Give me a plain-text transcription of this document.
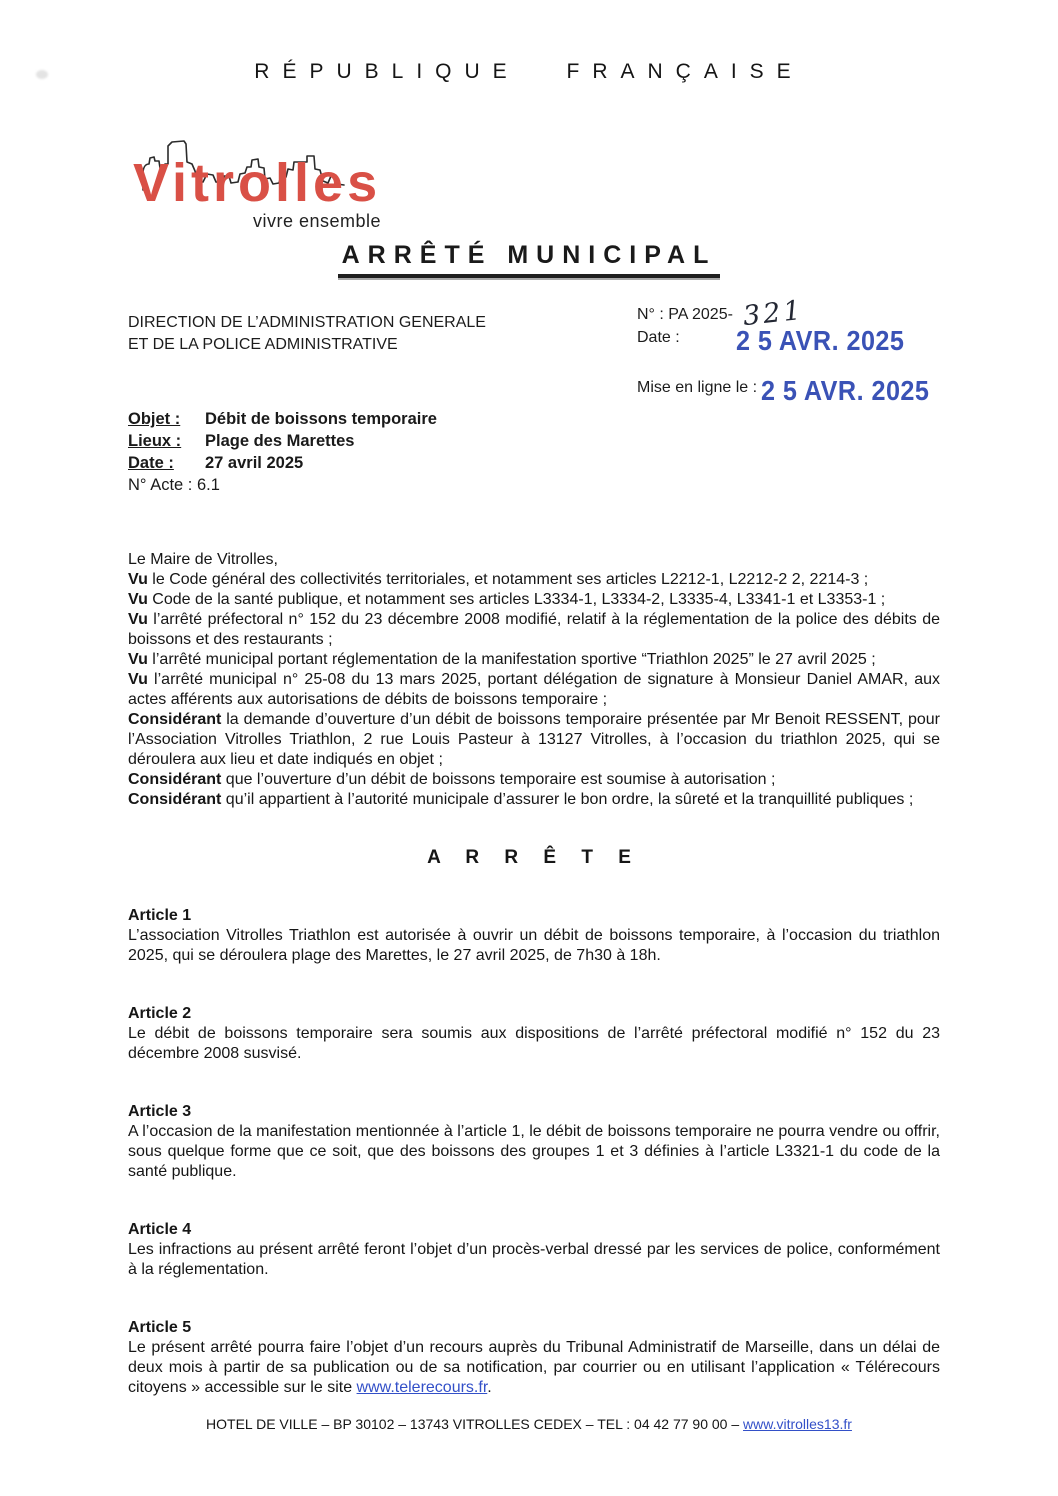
RÉPUBLIQUE FRANÇAISE
Vitrolles
vivre ensemble
ARRÊTÉ MUNICIPAL
DIRECTION DE L’ADMINISTRATION GENERALE
ET DE LA POLICE ADMINISTRATIVE
N° : PA 2025- 321
Date : 2 5 AVR. 2025
Mise en ligne le : 2 5 AVR. 2025
Objet :	Débit de boissons temporaire
Lieux :	Plage des Marettes
Date :	27 avril 2025
N° Acte : 6.1

Le Maire de Vitrolles,

Vu le Code général des collectivités territoriales, et notamment ses articles L2212-1, L2212-2 2, 2214-3 ;

Vu Code de la santé publique, et notamment ses articles L3334-1, L3334-2, L3335-4, L3341-1 et L3353-1 ;

Vu l’arrêté préfectoral n° 152 du 23 décembre 2008 modifié, relatif à la réglementation de la police des débits de boissons et des restaurants ;

Vu l’arrêté municipal portant réglementation de la manifestation sportive “Triathlon 2025” le 27 avril 2025 ;

Vu l’arrêté municipal n° 25-08 du 13 mars 2025, portant délégation de signature à Monsieur Daniel AMAR, aux actes afférents aux autorisations de débits de boissons temporaire ;

Considérant la demande d’ouverture d’un débit de boissons temporaire présentée par Mr Benoit RESSENT, pour l’Association Vitrolles Triathlon, 2 rue Louis Pasteur à 13127 Vitrolles, à l’occasion du triathlon 2025, qui se déroulera aux lieu et date indiqués en objet ;

Considérant que l’ouverture d’un débit de boissons temporaire est soumise à autorisation ;

Considérant qu’il appartient à l’autorité municipale d’assurer le bon ordre, la sûreté et la tranquillité publiques ;

A R R Ê T E
Article 1

L’association Vitrolles Triathlon est autorisée à ouvrir un débit de boissons temporaire, à l’occasion du triathlon 2025, qui se déroulera plage des Marettes, le 27 avril 2025, de 7h30 à 18h.

Article 2

Le débit de boissons temporaire sera soumis aux dispositions de l’arrêté préfectoral modifié n° 152 du 23 décembre 2008 susvisé.

Article 3

A l’occasion de la manifestation mentionnée à l’article 1, le débit de boissons temporaire ne pourra vendre ou offrir, sous quelque forme que ce soit, que des boissons des groupes 1 et 3 définies à l’article L3321-1 du code de la santé publique.

Article 4

Les infractions au présent arrêté feront l’objet d’un procès-verbal dressé par les services de police, conformément à la réglementation.

Article 5

Le présent arrêté pourra faire l’objet d’un recours auprès du Tribunal Administratif de Marseille, dans un délai de deux mois à partir de sa publication ou de sa notification, par courrier ou en utilisant l’application « Télérecours citoyens » accessible sur le site www.telerecours.fr.

HOTEL DE VILLE – BP 30102 – 13743 VITROLLES CEDEX – TEL : 04 42 77 90 00 – www.vitrolles13.fr
